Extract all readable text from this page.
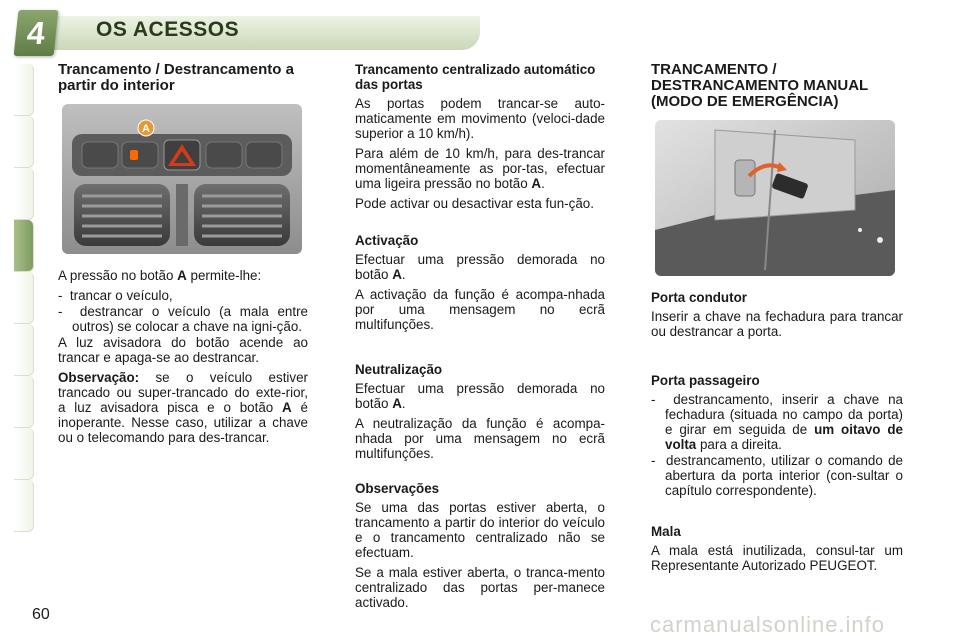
4	OS ACESSOS
Trancamento / Destrancamento a partir do interior
A

A pressão no botão A permite-lhe:

-  trancar o veículo,
-  destrancar o veículo (a mala entre outros) se colocar a chave na igni-ção.

A luz avisadora do botão acende ao trancar e apaga-se ao destrancar.

Observação: se o veículo estiver trancado ou super-trancado do exte-rior, a luz avisadora pisca e o botão A é inoperante. Nesse caso, utilizar a chave ou o telecomando para des-trancar.

Trancamento centralizado automático das portas

As portas podem trancar-se auto-maticamente em movimento (veloci-dade superior a 10 km/h).

Para além de 10 km/h, para des-trancar momentâneamente as por-tas, efectuar uma ligeira pressão no botão A.

Pode activar ou desactivar esta fun-ção.

Activação

Efectuar uma pressão demorada no botão A.

A activação da função é acompa-nhada por uma mensagem no ecrã multifunções.

Neutralização

Efectuar uma pressão demorada no botão A.

A neutralização da função é acompa-nhada por uma mensagem no ecrã multifunções.

Observações

Se uma das portas estiver aberta, o trancamento a partir do interior do veículo e o trancamento centralizado não se efectuam.

Se a mala estiver aberta, o tranca-mento centralizado das portas per-manece activado.

TRANCAMENTO / DESTRANCAMENTO MANUAL (MODO DE EMERGÊNCIA)
Porta condutor

Inserir a chave na fechadura para trancar ou destrancar a porta.

Porta passageiro
-  destrancamento, inserir a chave na fechadura (situada no campo da porta) e girar em seguida de um oitavo de volta para a direita.
-  destrancamento, utilizar o comando de abertura da porta interior (con-sultar o capítulo correspondente).
Mala

A mala está inutilizada, consul-tar um Representante Autorizado PEUGEOT.

60	carmanualsonline.info
